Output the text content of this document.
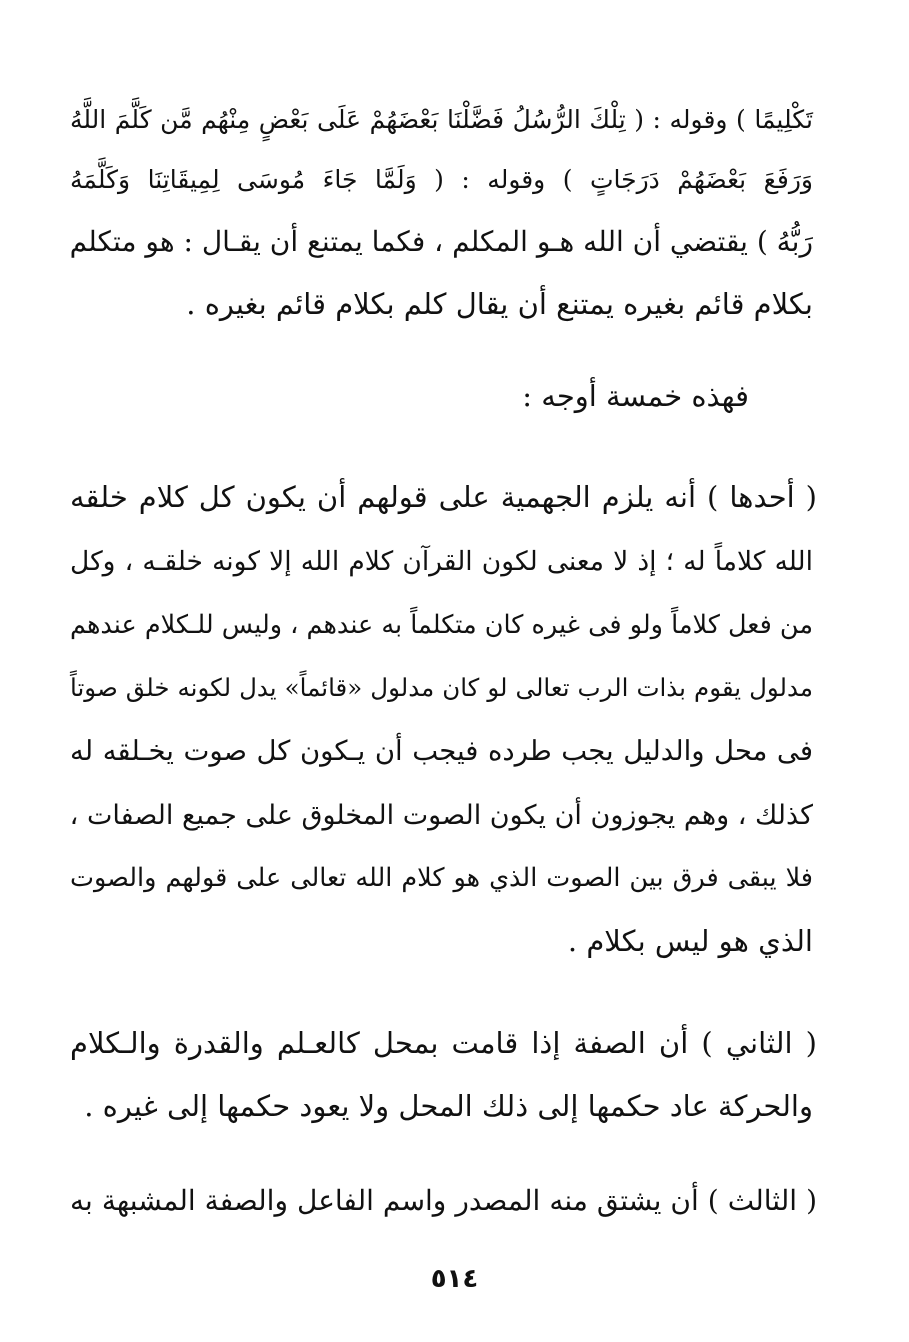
تَكْلِيمًا ) وقوله : ( تِلْكَ الرُّسُلُ فَضَّلْنَا بَعْضَهُمْ عَلَى بَعْضٍ مِنْهُم مَّن كَلَّمَ اللَّهُ
وَرَفَعَ بَعْضَهُمْ دَرَجَاتٍ ) وقوله : ( وَلَمَّا جَاءَ مُوسَى لِمِيقَاتِنَا وَكَلَّمَهُ
رَبُّهُ ) يقتضي أن الله هـو المكلم ، فكما يمتنع أن يقـال : هو متكلم
بكلام قائم بغيره يمتنع أن يقال كلم بكلام قائم بغيره .
فهذه خمسة أوجه :
( أحدها ) أنه يلزم الجهمية على قولهم أن يكون كل كلام خلقه
الله كلاماً له ؛ إذ لا معنى لكون القرآن كلام الله إلا كونه خلقـه ، وكل
من فعل كلاماً ولو فى غيره كان متكلماً به عندهم ، وليس للـكلام عندهم
مدلول يقوم بذات الرب تعالى لو كان مدلول «قائماً» يدل لكونه خلق صوتاً
فى محل والدليل يجب طرده فيجب أن يـكون كل صوت يخـلقه له
كذلك ، وهم يجوزون أن يكون الصوت المخلوق على جميع الصفات ،
فلا يبقى فرق بين الصوت الذي هو كلام الله تعالى على قولهم والصوت
الذي هو ليس بكلام .
( الثاني ) أن الصفة إذا قامت بمحل كالعـلم والقدرة والـكلام
والحركة عاد حكمها إلى ذلك المحل ولا يعود حكمها إلى غيره .
( الثالث ) أن يشتق منه المصدر واسم الفاعل والصفة المشبهة به
٥١٤
